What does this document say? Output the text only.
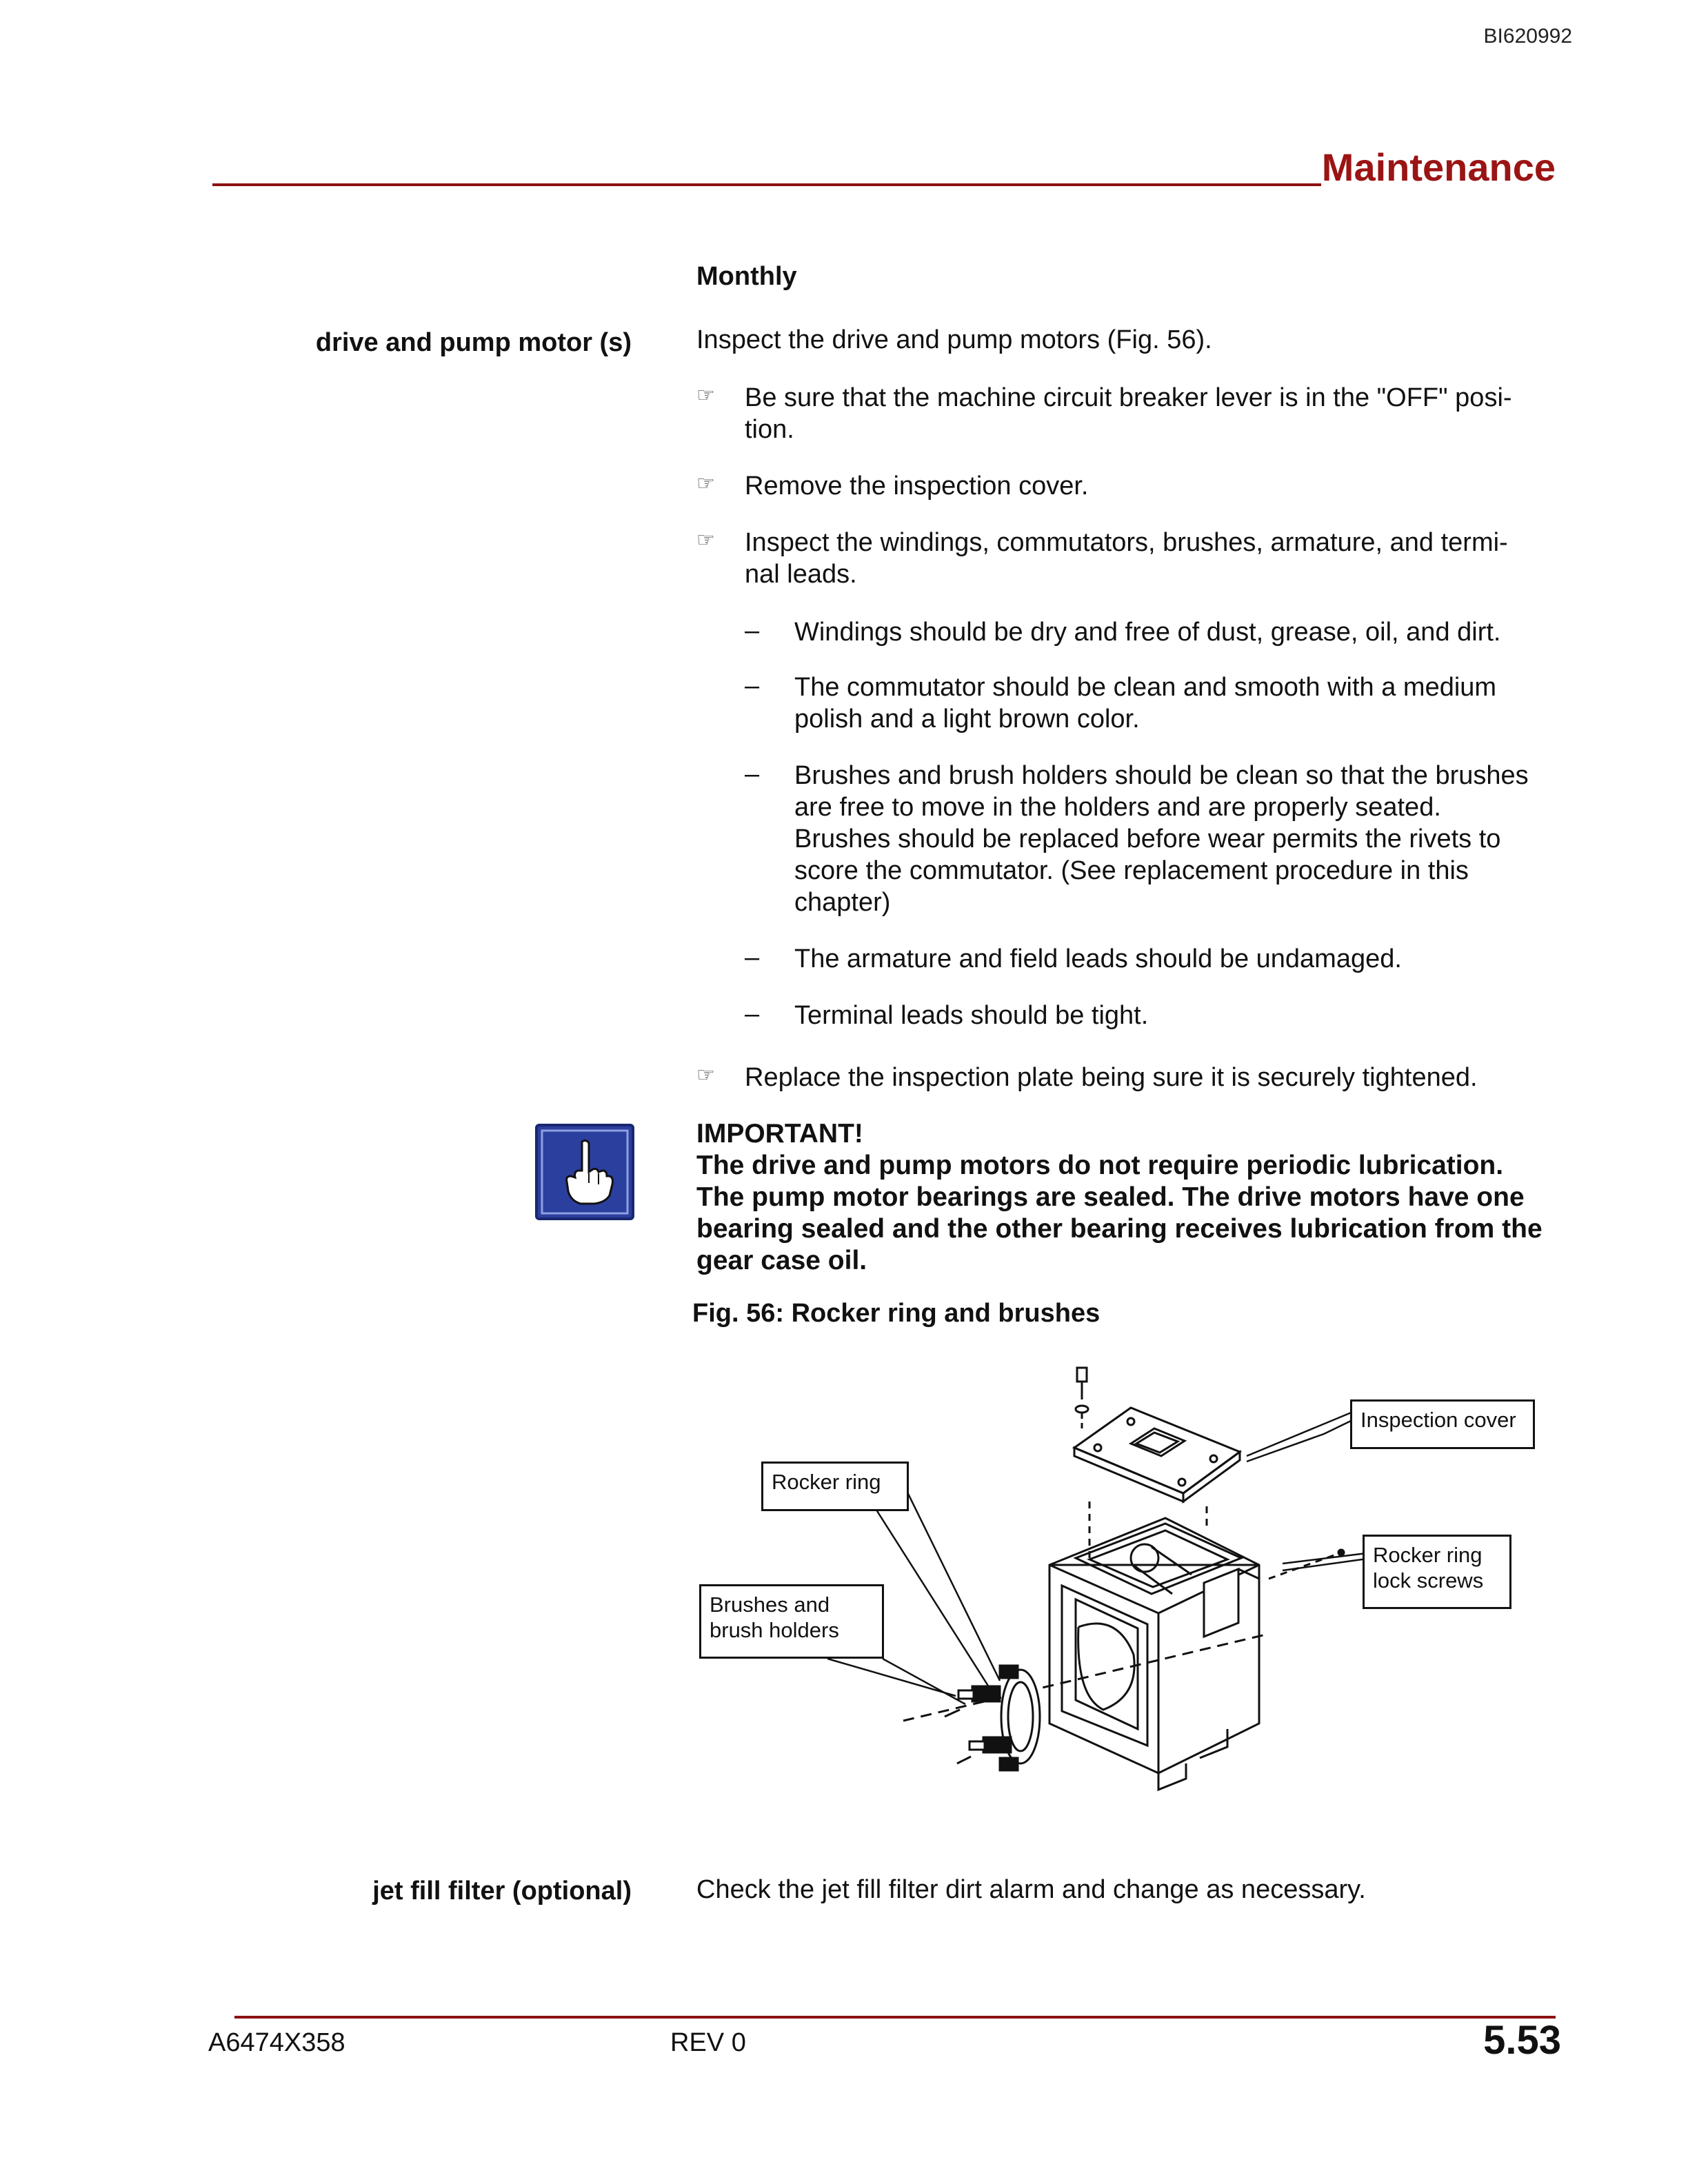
BI620992
Maintenance
Monthly
drive and pump motor (s) Inspect the drive and pump motors (Fig. 56).
☞ Be sure that the machine circuit breaker lever is in the "OFF" posi-
tion.
☞ Remove the inspection cover.
☞ Inspect the windings, commutators, brushes, armature, and termi-
nal leads.
– Windings should be dry and free of dust, grease, oil, and dirt.
– The commutator should be clean and smooth with a medium
polish and a light brown color.
– Brushes and brush holders should be clean so that the brushes
are free to move in the holders and are properly seated.
Brushes should be replaced before wear permits the rivets to
score the commutator. (See replacement procedure in this
chapter)
– The armature and field leads should be undamaged.
– Terminal leads should be tight.
☞ Replace the inspection plate being sure it is securely tightened.
IMPORTANT!
The drive and pump motors do not require periodic lubrication.
The pump motor bearings are sealed. The drive motors have one
bearing sealed and the other bearing receives lubrication from the
gear case oil.
Fig. 56: Rocker ring and brushes
Inspection cover
Rocker ring
Rocker ring
lock screws
Brushes and
brush holders
jet fill filter (optional) Check the jet fill filter dirt alarm and change as necessary.
A6474X358	REV 0	5.53
